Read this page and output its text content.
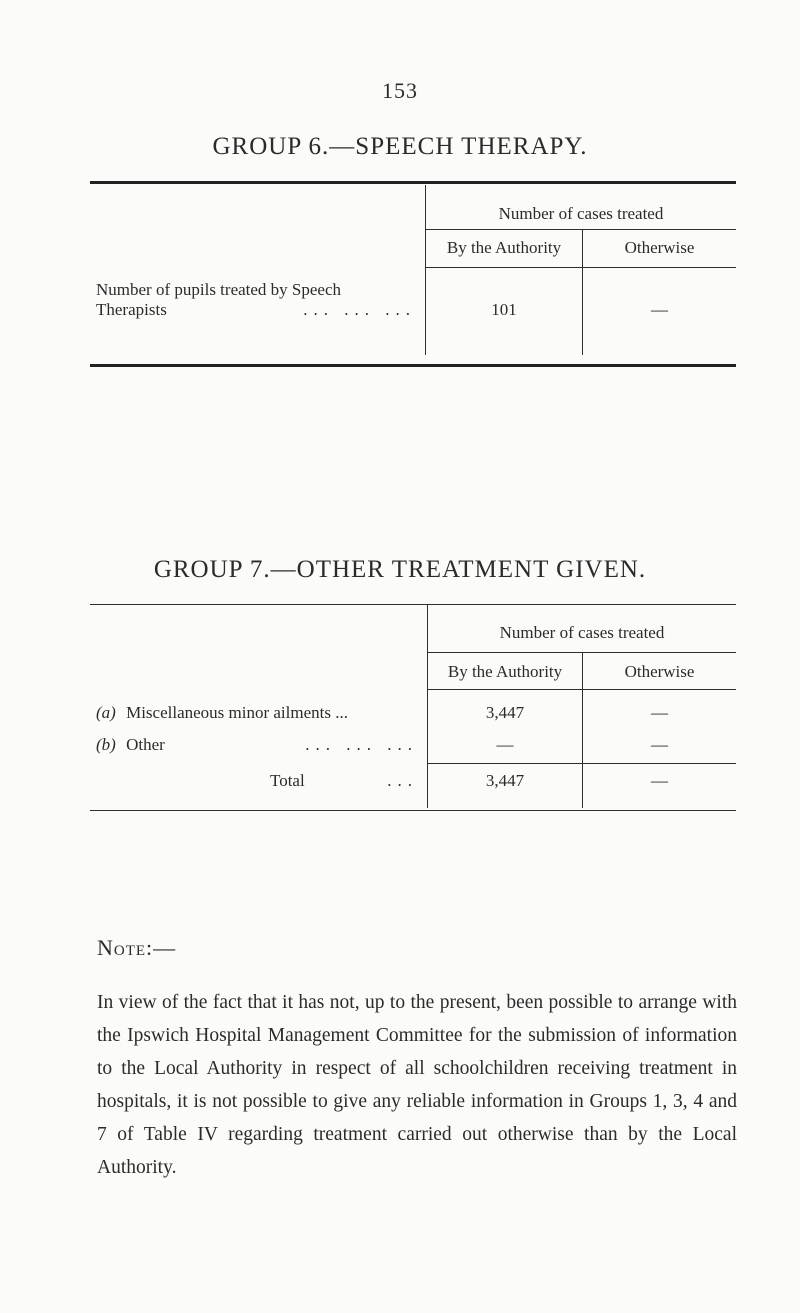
153
GROUP 6.—SPEECH THERAPY.
Number of cases treated
By the Authority	Otherwise
Number of pupils treated by Speech
Therapists	... ... ...	101	—
GROUP 7.—OTHER TREATMENT GIVEN.
Number of cases treated
By the Authority	Otherwise
(a) Miscellaneous minor ailments ...	3,447	—
(b) Other	... ... ...	—	—
Total	...	3,447	—
Note:—
In view of the fact that it has not, up to the present, been possible to arrange with the Ipswich Hospital Management Committee for the submission of information to the Local Authority in respect of all schoolchildren receiving treatment in hospitals, it is not possible to give any reliable information in Groups 1, 3, 4 and 7 of Table IV regarding treatment carried out otherwise than by the Local Authority.
